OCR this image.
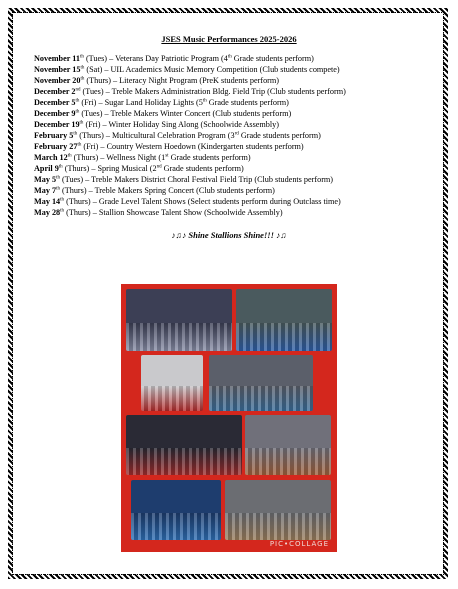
JSES Music Performances 2025-2026
November 11th (Tues) – Veterans Day Patriotic Program (4th Grade students perform)
November 15th (Sat) – UIL Academics Music Memory Competition (Club students compete)
November 20th (Thurs) – Literacy Night Program (PreK students perform)
December 2nd (Tues) – Treble Makers Administration Bldg. Field Trip (Club students perform)
December 5th (Fri) – Sugar Land Holiday Lights (5th Grade students perform)
December 9th (Tues) – Treble Makers Winter Concert (Club students perform)
December 19th (Fri) – Winter Holiday Sing Along (Schoolwide Assembly)
February 5th (Thurs) – Multicultural Celebration Program (3rd Grade students perform)
February 27th (Fri) – Country Western Hoedown (Kindergarten students perform)
March 12th (Thurs) – Wellness Night (1st Grade students perform)
April 9th (Thurs) – Spring Musical (2nd Grade students perform)
May 5th (Tues) – Treble Makers District Choral Festival Field Trip (Club students perform)
May 7th (Thurs) – Treble Makers Spring Concert (Club students perform)
May 14th (Thurs) – Grade Level Talent Shows (Select students perform during Outclass time)
May 28th (Thurs) – Stallion Showcase Talent Show (Schoolwide Assembly)
♪♫♪ Shine Stallions Shine!!! ♪♫
PIC•COLLAGE
